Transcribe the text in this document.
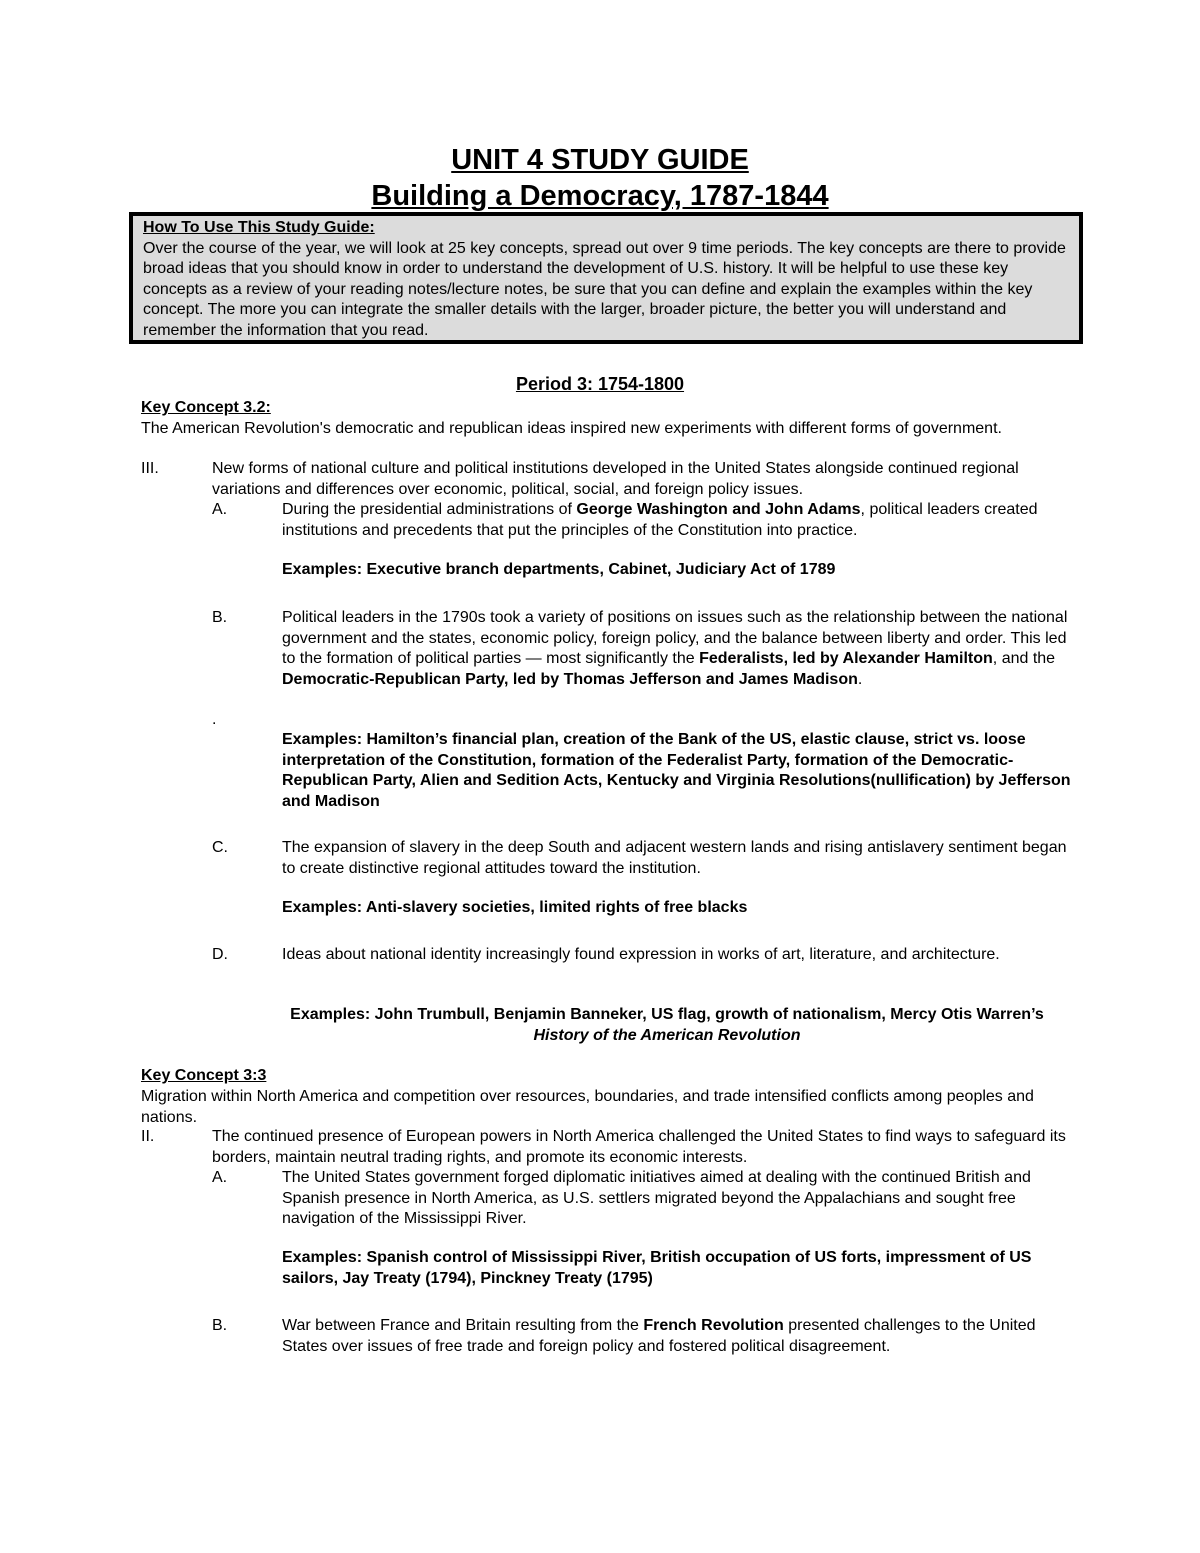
UNIT 4 STUDY GUIDE
Building a Democracy, 1787-1844
How To Use This Study Guide:
Over the course of the year, we will look at 25 key concepts, spread out over 9 time periods. The key concepts are there to provide broad ideas that you should know in order to understand the development of U.S. history. It will be helpful to use these key concepts as a review of your reading notes/lecture notes, be sure that you can define and explain the examples within the key concept. The more you can integrate the smaller details with the larger, broader picture, the better you will understand and remember the information that you read.
Period 3: 1754-1800
Key Concept 3.2:
The American Revolution's democratic and republican ideas inspired new experiments with different forms of government.
III.	New forms of national culture and political institutions developed in the United States alongside continued regional variations and differences over economic, political, social, and foreign policy issues.
A.	During the presidential administrations of George Washington and John Adams, political leaders created institutions and precedents that put the principles of the Constitution into practice.
Examples: Executive branch departments, Cabinet, Judiciary Act of 1789
B.	Political leaders in the 1790s took a variety of positions on issues such as the relationship between the national government and the states, economic policy, foreign policy, and the balance between liberty and order. This led to the formation of political parties — most significantly the Federalists, led by Alexander Hamilton, and the Democratic-Republican Party, led by Thomas Jefferson and James Madison.
.
Examples: Hamilton’s financial plan, creation of the Bank of the US, elastic clause, strict vs. loose interpretation of the Constitution, formation of the Federalist Party, formation of the Democratic-Republican Party, Alien and Sedition Acts, Kentucky and Virginia Resolutions(nullification) by Jefferson and Madison
C.	The expansion of slavery in the deep South and adjacent western lands and rising antislavery sentiment began to create distinctive regional attitudes toward the institution.
Examples: Anti-slavery societies, limited rights of free blacks
D.	Ideas about national identity increasingly found expression in works of art, literature, and architecture.
Examples: John Trumbull, Benjamin Banneker, US flag, growth of nationalism, Mercy Otis Warren’s History of the American Revolution
Key Concept 3:3
Migration within North America and competition over resources, boundaries, and trade intensified conflicts among peoples and nations.
II.	The continued presence of European powers in North America challenged the United States to find ways to safeguard its borders, maintain neutral trading rights, and promote its economic interests.
A.	The United States government forged diplomatic initiatives aimed at dealing with the continued British and Spanish presence in North America, as U.S. settlers migrated beyond the Appalachians and sought free navigation of the Mississippi River.
Examples: Spanish control of Mississippi River, British occupation of US forts, impressment of US sailors, Jay Treaty (1794), Pinckney Treaty (1795)
B.	War between France and Britain resulting from the French Revolution presented challenges to the United States over issues of free trade and foreign policy and fostered political disagreement.
